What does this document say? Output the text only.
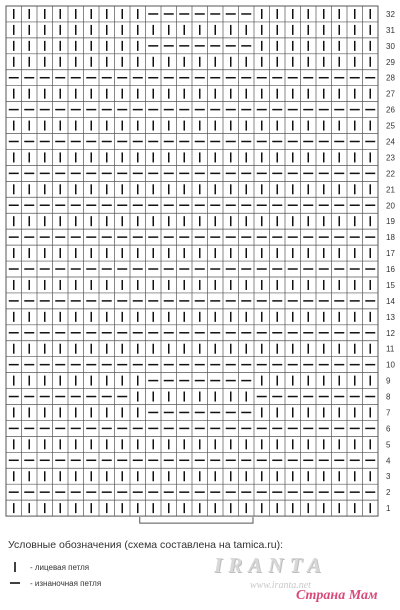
1
2
3
4
5
6
7
8
9
10
11
12
13
14
15
16
17
18
19
20
21
22
23
24
25
26
27
28
29
30
31
32
Условные обозначения (схема составлена на tamica.ru):
- лицевая петля
- изнаночная петля
IRANTA
www.iranta.net
Страна Мам
